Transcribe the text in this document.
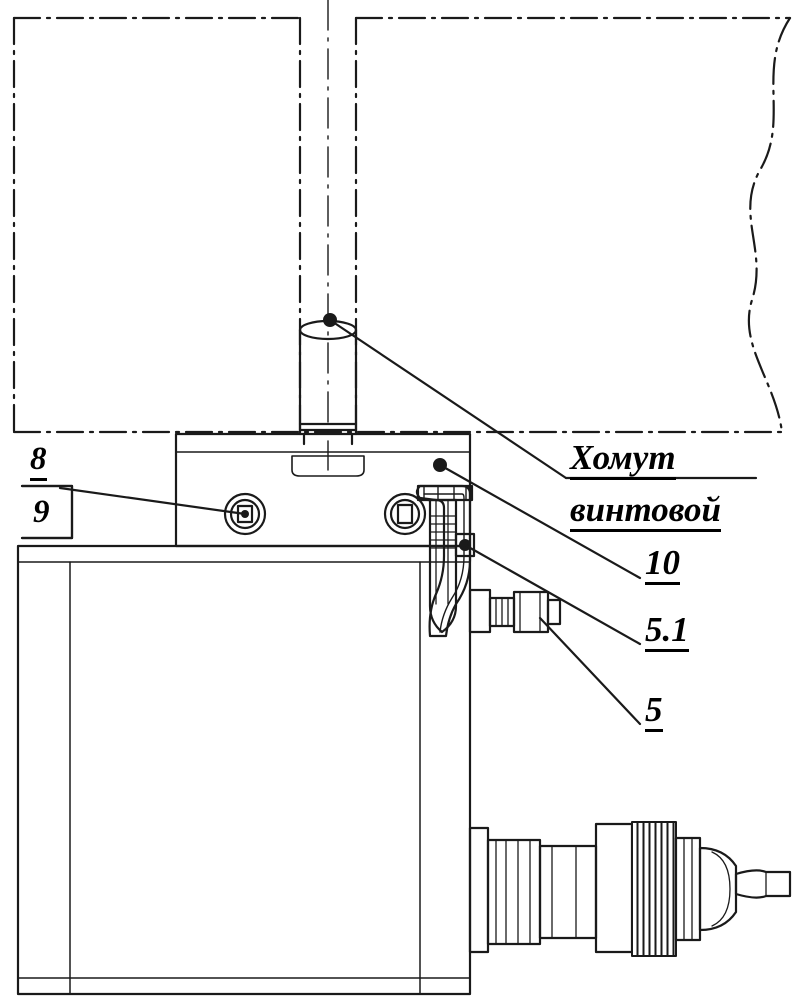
Хомут
винтовой
10
5.1
5
8
9
